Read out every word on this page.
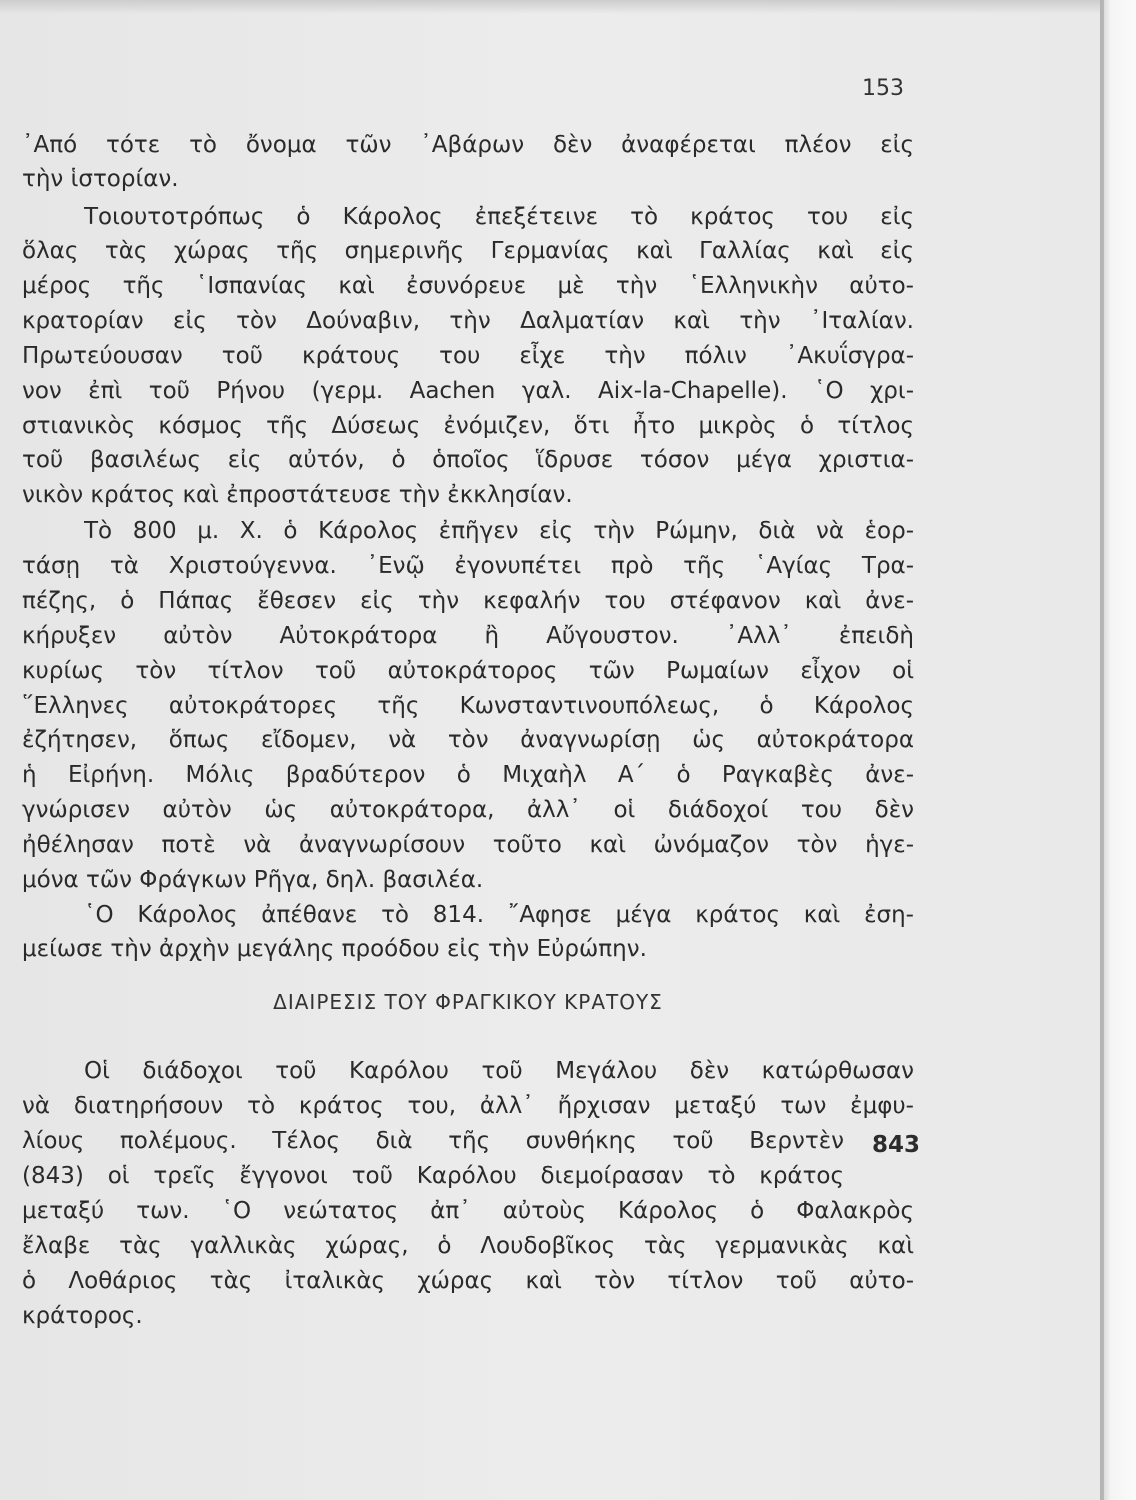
153
᾿Από τότε τὸ ὄνομα τῶν ᾿Αβάρων δὲν ἀναφέρεται πλέον εἰς
τὴν ἱστορίαν.
Τοιουτοτρόπως ὁ Κάρολος ἐπεξέτεινε τὸ κράτος του εἰς
ὅλας τὰς χώρας τῆς σημερινῆς Γερμανίας καὶ Γαλλίας καὶ εἰς
μέρος τῆς ῾Ισπανίας καὶ ἐσυνόρευε μὲ τὴν ῾Ελληνικὴν αὐτο-
κρατορίαν εἰς τὸν Δούναβιν, τὴν Δαλματίαν καὶ τὴν ᾿Ιταλίαν.
Πρωτεύουσαν τοῦ κράτους του εἶχε τὴν πόλιν ᾿Ακυΐσγρα-
νον ἐπὶ τοῦ Ρήνου (γερμ. Aachen γαλ. Aix-la-Chapelle). ῾Ο χρι-
στιανικὸς κόσμος τῆς Δύσεως ἐνόμιζεν, ὅτι ἦτο μικρὸς ὁ τίτλος
τοῦ βασιλέως εἰς αὐτόν, ὁ ὁποῖος ἵδρυσε τόσον μέγα χριστια-
νικὸν κράτος καὶ ἐπροστάτευσε τὴν ἐκκλησίαν.
Τὸ 800 μ. Χ. ὁ Κάρολος ἐπῆγεν εἰς τὴν Ρώμην, διὰ νὰ ἑορ-
τάσῃ τὰ Χριστούγεννα. ᾿Ενῷ ἐγονυπέτει πρὸ τῆς ῾Αγίας Τρα-
πέζης, ὁ Πάπας ἔθεσεν εἰς τὴν κεφαλήν του στέφανον καὶ ἀνε-
κήρυξεν αὐτὸν Αὐτοκράτορα ἢ Αὔγουστον. ᾿Αλλ᾿ ἐπειδὴ
κυρίως τὸν τίτλον τοῦ αὐτοκράτορος τῶν Ρωμαίων εἶχον οἱ
῞Ελληνες αὐτοκράτορες τῆς Κωνσταντινουπόλεως, ὁ Κάρολος
ἐζήτησεν, ὅπως εἴδομεν, νὰ τὸν ἀναγνωρίσῃ ὡς αὐτοκράτορα
ἡ Εἰρήνη. Μόλις βραδύτερον ὁ Μιχαὴλ Α΄ ὁ Ραγκαβὲς ἀνε-
γνώρισεν αὐτὸν ὡς αὐτοκράτορα, ἀλλ᾿ οἱ διάδοχοί του δὲν
ἠθέλησαν ποτὲ νὰ ἀναγνωρίσουν τοῦτο καὶ ὠνόμαζον τὸν ἡγε-
μόνα τῶν Φράγκων Ρῆγα, δηλ. βασιλέα.
῾Ο Κάρολος ἀπέθανε τὸ 814. ῎Αφησε μέγα κράτος καὶ ἐση-
μείωσε τὴν ἀρχὴν μεγάλης προόδου εἰς τὴν Εὐρώπην.
ΔΙΑΙΡΕΣΙΣ ΤΟΥ ΦΡΑΓΚΙΚΟΥ ΚΡΑΤΟΥΣ
Οἱ διάδοχοι τοῦ Καρόλου τοῦ Μεγάλου δὲν κατώρθωσαν
νὰ διατηρήσουν τὸ κράτος του, ἀλλ᾿ ἤρχισαν μεταξύ των ἐμφυ-
λίους πολέμους. Τέλος διὰ τῆς συνθήκης τοῦ Βερντὲν
(843) οἱ τρεῖς ἔγγονοι τοῦ Καρόλου διεμοίρασαν τὸ κράτος
μεταξύ των. ῾Ο νεώτατος ἀπ᾿ αὐτοὺς Κάρολος ὁ Φαλακρὸς
ἔλαβε τὰς γαλλικὰς χώρας, ὁ Λουδοβῖκος τὰς γερμανικὰς καὶ
ὁ Λοθάριος τὰς ἰταλικὰς χώρας καὶ τὸν τίτλον τοῦ αὐτο-
κράτορος.
843
